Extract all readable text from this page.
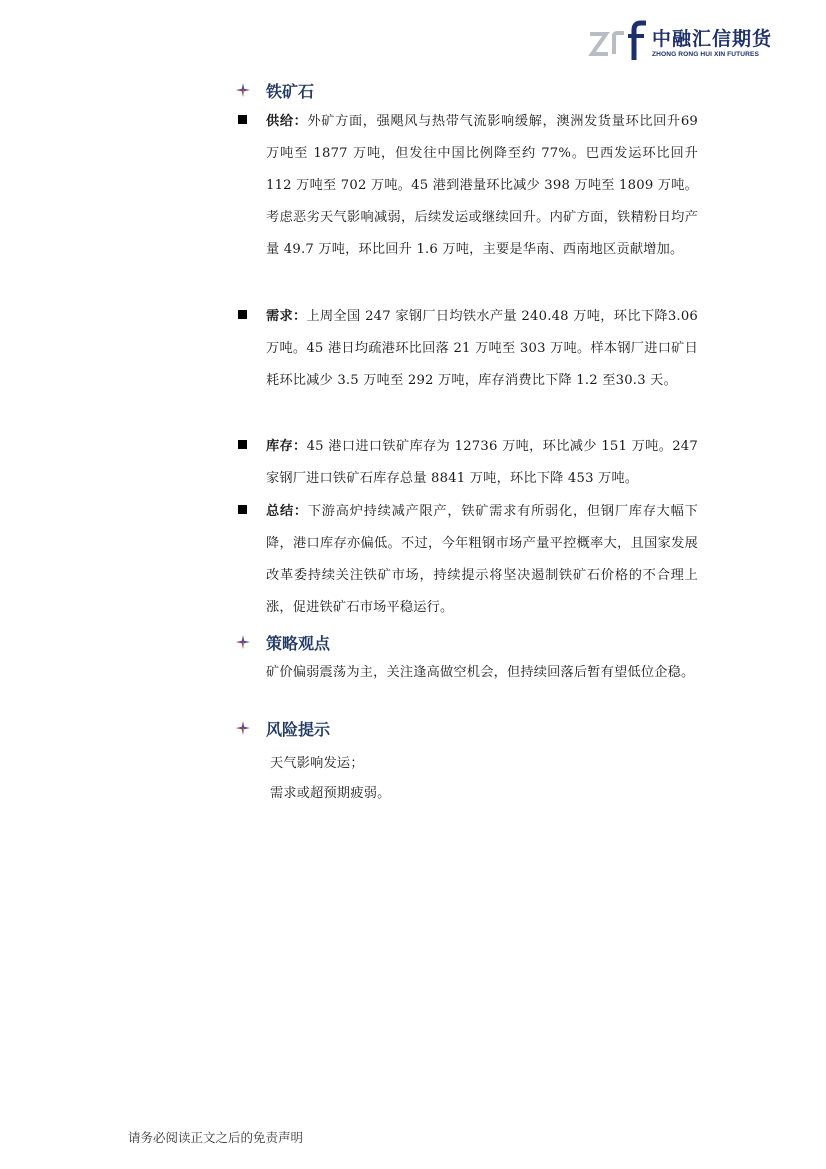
中融汇信期货
ZHONG RONG HUI XIN FUTURES
铁矿石
供给：外矿方面，强飓风与热带气流影响缓解，澳洲发货量环比回升69 万吨至 1877 万吨，但发往中国比例降至约 77%。巴西发运环比回升 112 万吨至 702 万吨。45 港到港量环比减少 398 万吨至 1809 万吨。考虑恶劣天气影响减弱，后续发运或继续回升。内矿方面，铁精粉日均产量 49.7 万吨，环比回升 1.6 万吨，主要是华南、西南地区贡献增加。
需求：上周全国 247 家钢厂日均铁水产量 240.48 万吨，环比下降3.06 万吨。45 港日均疏港环比回落 21 万吨至 303 万吨。样本钢厂进口矿日耗环比减少 3.5 万吨至 292 万吨，库存消费比下降 1.2 至30.3 天。
库存：45 港口进口铁矿库存为 12736 万吨，环比减少 151 万吨。247家钢厂进口铁矿石库存总量 8841 万吨，环比下降 453 万吨。
总结：下游高炉持续减产限产，铁矿需求有所弱化，但钢厂库存大幅下降，港口库存亦偏低。不过，今年粗钢市场产量平控概率大，且国家发展改革委持续关注铁矿市场，持续提示将坚决遏制铁矿石价格的不合理上涨，促进铁矿石市场平稳运行。
策略观点
矿价偏弱震荡为主，关注逢高做空机会，但持续回落后暂有望低位企稳。
风险提示
天气影响发运；
需求或超预期疲弱。
请务必阅读正文之后的免责声明
